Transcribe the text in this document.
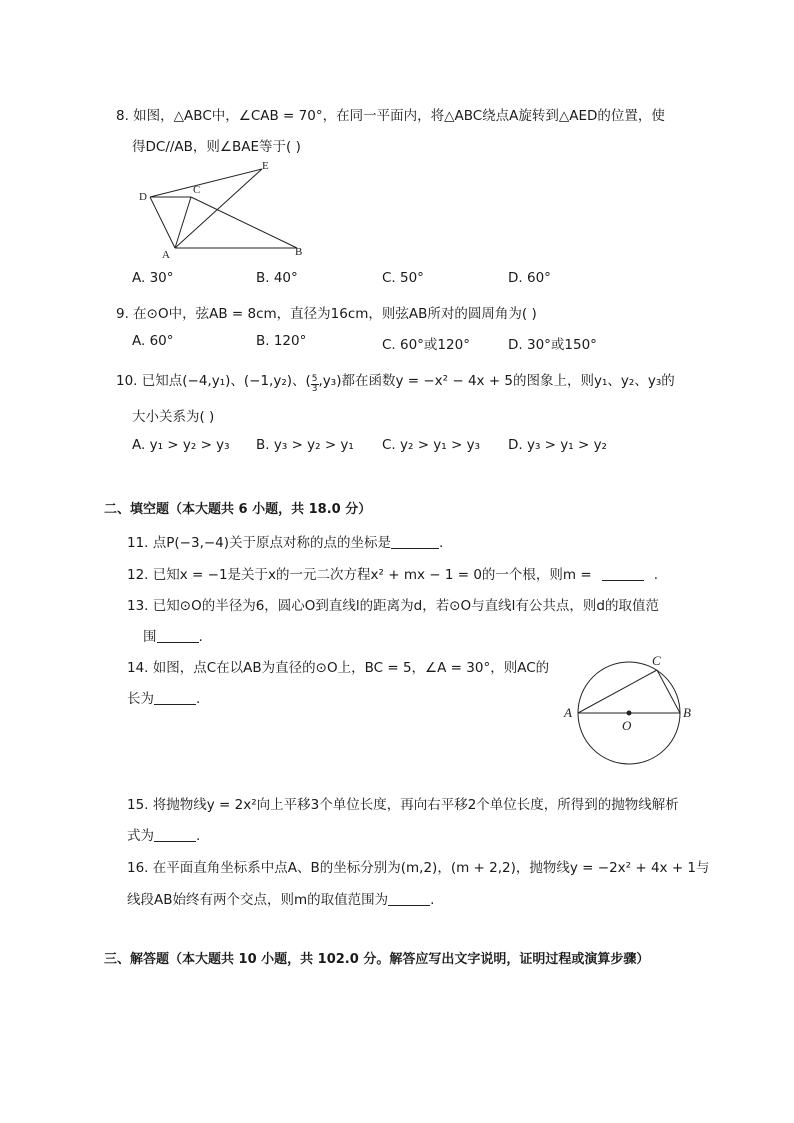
8. 如图，△ABC中，∠CAB = 70°，在同一平面内，将△ABC绕点A旋转到△AED的位置，使
得DC//AB，则∠BAE等于( )
D
C
E
A	B
A. 30°	B. 40°	C. 50°	D. 60°
9. 在⊙O中，弦AB = 8cm，直径为16cm，则弦AB所对的圆周角为( )
A. 60°	B. 120°	C. 60°或120°	D. 30°或150°
10. 已知点(−4,y₁)、(−1,y₂)、( $\frac{5}{3} ,y_3$)都在函数y = −x² − 4x + 5的图象上，则y₁、y₂、y₃的
大小关系为( )
A. y₁ > y₂ > y₃ B. y₃ > y₂ > y₁ C. y₂ > y₁ > y₃ D. y₃ > y₁ > y₂
二、填空题（本大题共 6 小题，共 18.0 分）
11. 点P(−3,−4)关于原点对称的点的坐标是	.
12. 已知x = −1是关于x的一元二次方程x² + mx − 1 = 0的一个根，则m =	.
13. 已知⊙O的半径为6，圆心O到直线l的距离为d，若⊙O与直线l有公共点，则d的取值范
围	.
14. 如图，点C在以AB为直径的⊙O上，BC = 5，∠A = 30°，则AC的
长为	.
A	B
C
O
15. 将抛物线y = 2x²向上平移3个单位长度，再向右平移2个单位长度，所得到的抛物线解析
式为	.
16. 在平面直角坐标系中点A、B的坐标分别为(m,2)，(m + 2,2)，抛物线y = −2x² + 4x + 1与
线段AB始终有两个交点，则m的取值范围为	.
三、解答题（本大题共 10 小题，共 102.0 分。解答应写出文字说明，证明过程或演算步骤）
